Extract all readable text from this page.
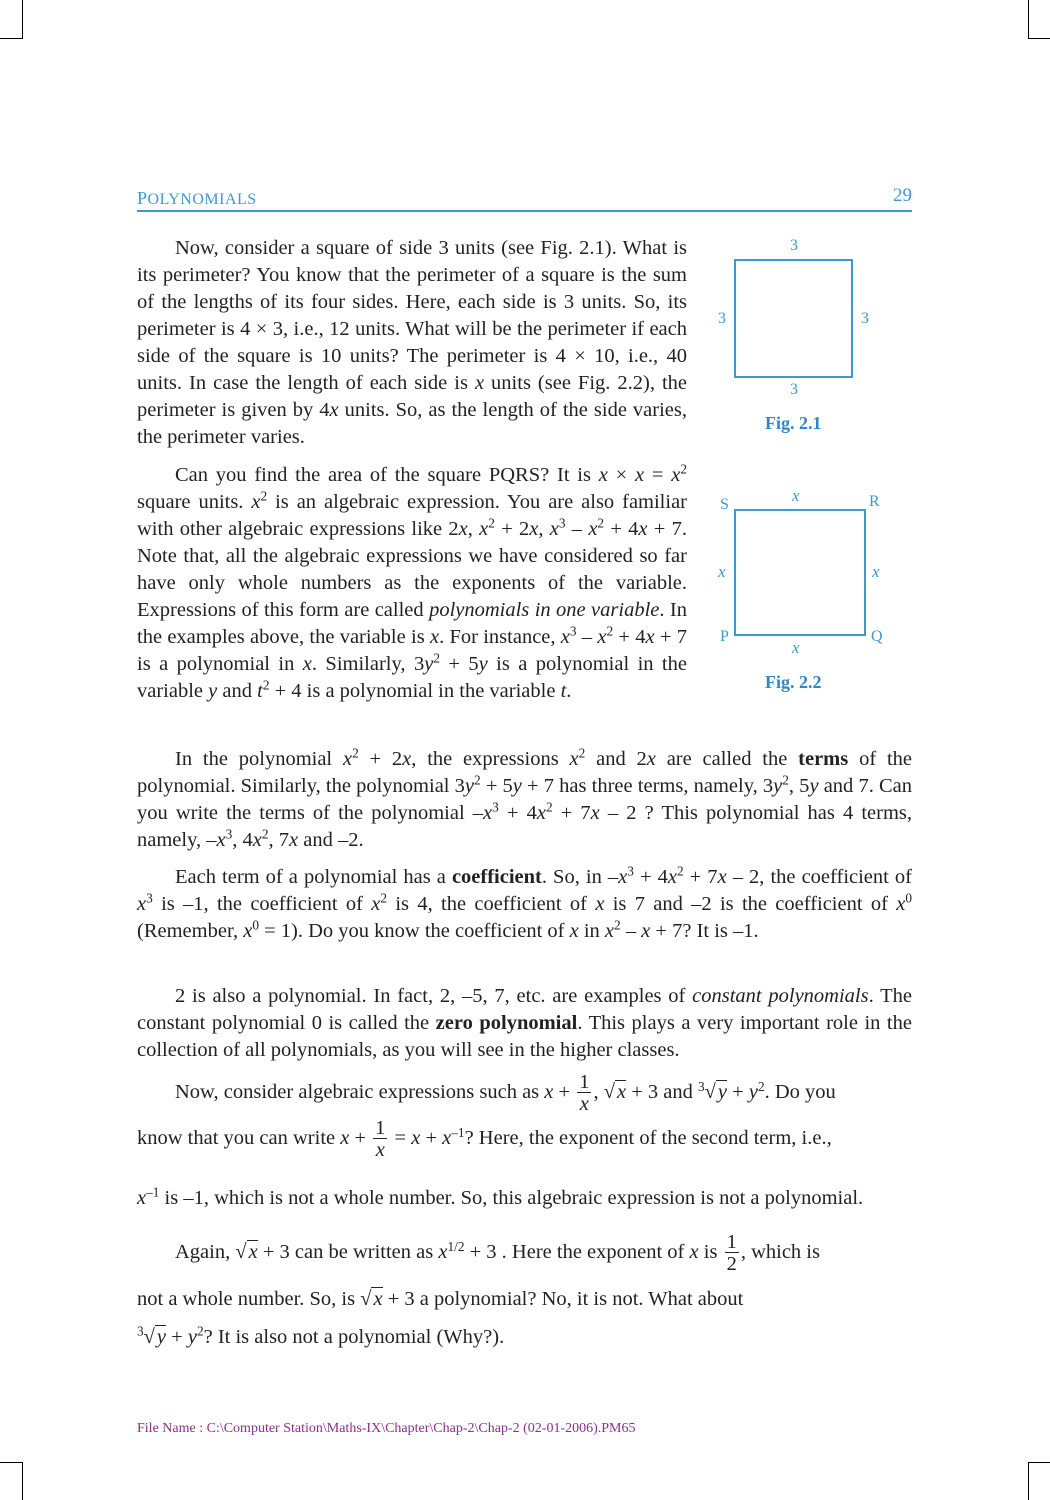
POLYNOMIALS	29

Now, consider a square of side 3 units (see Fig. 2.1). What is its perimeter? You know that the perimeter of a square is the sum of the lengths of its four sides. Here, each side is 3 units. So, its perimeter is 4 × 3, i.e., 12 units. What will be the perimeter if each side of the square is 10 units? The perimeter is 4 × 10, i.e., 40 units. In case the length of each side is x units (see Fig. 2.2), the perimeter is given by 4x units. So, as the length of the side varies, the perimeter varies.

3
3	3
3
Fig. 2.1

Can you find the area of the square PQRS? It is $x \times x = x^2$ square units. $x^2$ is an algebraic expression. You are also familiar with other algebraic expressions like 2x, $x^2 + 2x$, $x^3 - x^2 + 4x + 7$. Note that, all the algebraic expressions we have considered so far have only whole numbers as the exponents of the variable. Expressions of this form are called polynomials in one variable. In the examples above, the variable is x. For instance, $x^3 - x^2 + 4x + 7$ is a polynomial in x. Similarly, $3y^2 + 5y$ is a polynomial in the variable y and $t^2 + 4$ is a polynomial in the variable t.

S	R
P	Q
x
x	x
x
Fig. 2.2

In the polynomial $x^2 + 2x$, the expressions $x^2$ and 2x are called the terms of the polynomial. Similarly, the polynomial $3y^2 + 5y + 7$ has three terms, namely, $3y^2$, 5y and 7. Can you write the terms of the polynomial $-x^3 + 4x^2 + 7x - 2$ ? This polynomial has 4 terms, namely, $-x^3$, $4x^2$, 7x and –2.

Each term of a polynomial has a coefficient. So, in $-x^3 + 4x^2 + 7x - 2$, the coefficient of $x^3$ is –1, the coefficient of $x^2$ is 4, the coefficient of x is 7 and –2 is the coefficient of $x^0$ (Remember, $x^0 = 1$). Do you know the coefficient of x in $x^2 - x + 7$? It is –1.

2 is also a polynomial. In fact, 2, –5, 7, etc. are examples of constant polynomials. The constant polynomial 0 is called the zero polynomial. This plays a very important role in the collection of all polynomials, as you will see in the higher classes.

Now, consider algebraic expressions such as $x + \frac{1}{x}$ , √x + 3 and $^3√y + y^2$. Do you
know that you can write $x + \frac{1}{x} = x + x^{-1}$? Here, the exponent of the second term, i.e.,
$x^{-1}$ is –1, which is not a whole number. So, this algebraic expression is not a polynomial.
Again, √x + 3 can be written as $x^{1/2} + 3$ . Here the exponent of x is $\frac{1}{2}$ , which is
not a whole number. So, is √x + 3 a polynomial? No, it is not. What about
$^3√y + y^2$? It is also not a polynomial (Why?).
File Name : C:\Computer Station\Maths-IX\Chapter\Chap-2\Chap-2 (02-01-2006).PM65
